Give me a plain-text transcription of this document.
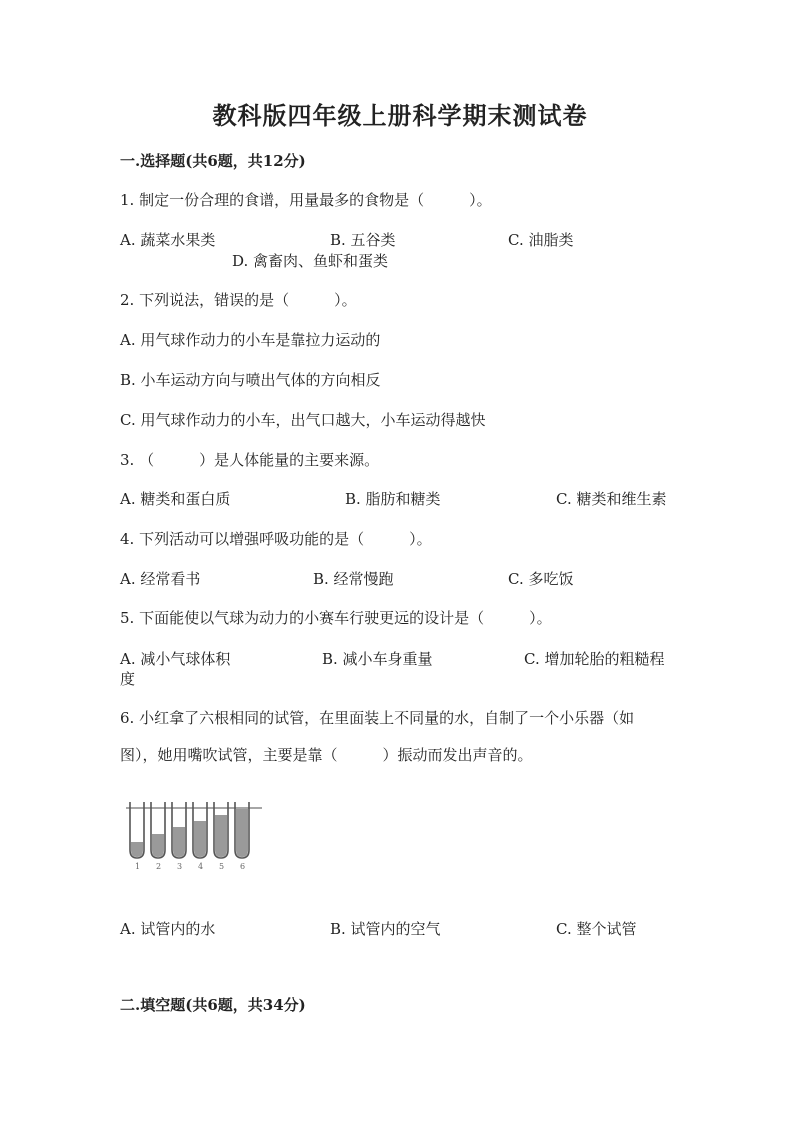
教科版四年级上册科学期末测试卷
一.选择题(共6题，共12分)
1. 制定一份合理的食谱，用量最多的食物是（　　　）。
A. 蔬菜水果类	B. 五谷类	C. 油脂类
D. 禽畜肉、鱼虾和蛋类
2. 下列说法，错误的是（　　　）。
A. 用气球作动力的小车是靠拉力运动的
B. 小车运动方向与喷出气体的方向相反
C. 用气球作动力的小车，出气口越大，小车运动得越快
3. （　　　）是人体能量的主要来源。
A. 糖类和蛋白质	B. 脂肪和糖类	C. 糖类和维生素
4. 下列活动可以增强呼吸功能的是（　　　）。
A. 经常看书	B. 经常慢跑	C. 多吃饭
5. 下面能使以气球为动力的小赛车行驶更远的设计是（　　　）。
A. 减小气球体积	B. 减小车身重量	C. 增加轮胎的粗糙程
度
6. 小红拿了六根相同的试管，在里面装上不同量的水，自制了一个小乐器（如
图），她用嘴吹试管，主要是靠（　　　）振动而发出声音的。
1 2 3 4 5 6
A. 试管内的水	B. 试管内的空气	C. 整个试管
二.填空题(共6题，共34分)
